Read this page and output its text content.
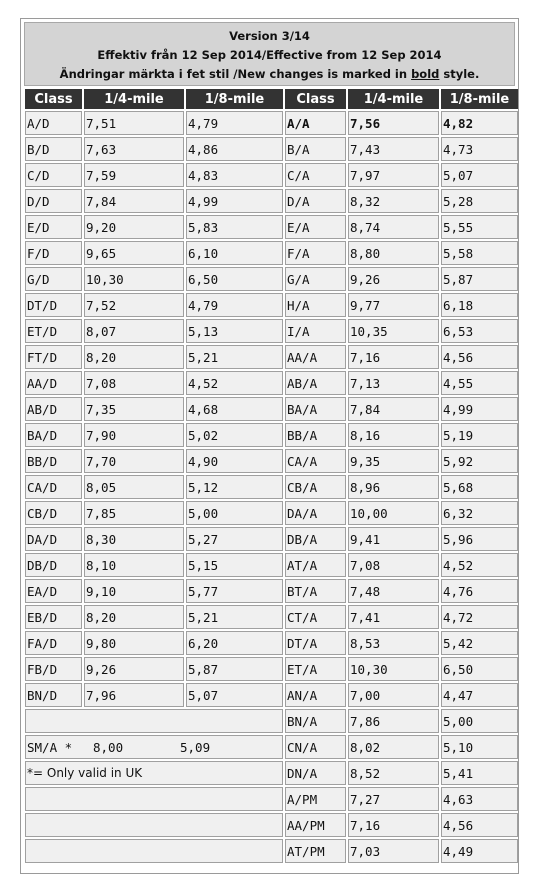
Version 3/14
Effektiv från 12 Sep 2014/Effective from 12 Sep 2014
Ändringar märkta i fet stil /New changes is marked in bold style.
Class	1/4-mile	1/8-mile	Class	1/4-mile	1/8-mile
A/D	7,51	4,79	A/A	7,56	4,82
B/D	7,63	4,86	B/A	7,43	4,73
C/D	7,59	4,83	C/A	7,97	5,07
D/D	7,84	4,99	D/A	8,32	5,28
E/D	9,20	5,83	E/A	8,74	5,55
F/D	9,65	6,10	F/A	8,80	5,58
G/D	10,30	6,50	G/A	9,26	5,87
DT/D	7,52	4,79	H/A	9,77	6,18
ET/D	8,07	5,13	I/A	10,35	6,53
FT/D	8,20	5,21	AA/A	7,16	4,56
AA/D	7,08	4,52	AB/A	7,13	4,55
AB/D	7,35	4,68	BA/A	7,84	4,99
BA/D	7,90	5,02	BB/A	8,16	5,19
BB/D	7,70	4,90	CA/A	9,35	5,92
CA/D	8,05	5,12	CB/A	8,96	5,68
CB/D	7,85	5,00	DA/A	10,00	6,32
DA/D	8,30	5,27	DB/A	9,41	5,96
DB/D	8,10	5,15	AT/A	7,08	4,52
EA/D	9,10	5,77	BT/A	7,48	4,76
EB/D	8,20	5,21	CT/A	7,41	4,72
FA/D	9,80	6,20	DT/A	8,53	5,42
FB/D	9,26	5,87	ET/A	10,30	6,50
BN/D	7,96	5,07	AN/A	7,00	4,47
			BN/A	7,86	5,00
SM/A * 8,00 5,09			CN/A	8,02	5,10
*= Only valid in UK			DN/A	8,52	5,41
			A/PM	7,27	4,63
			AA/PM	7,16	4,56
			AT/PM	7,03	4,49
